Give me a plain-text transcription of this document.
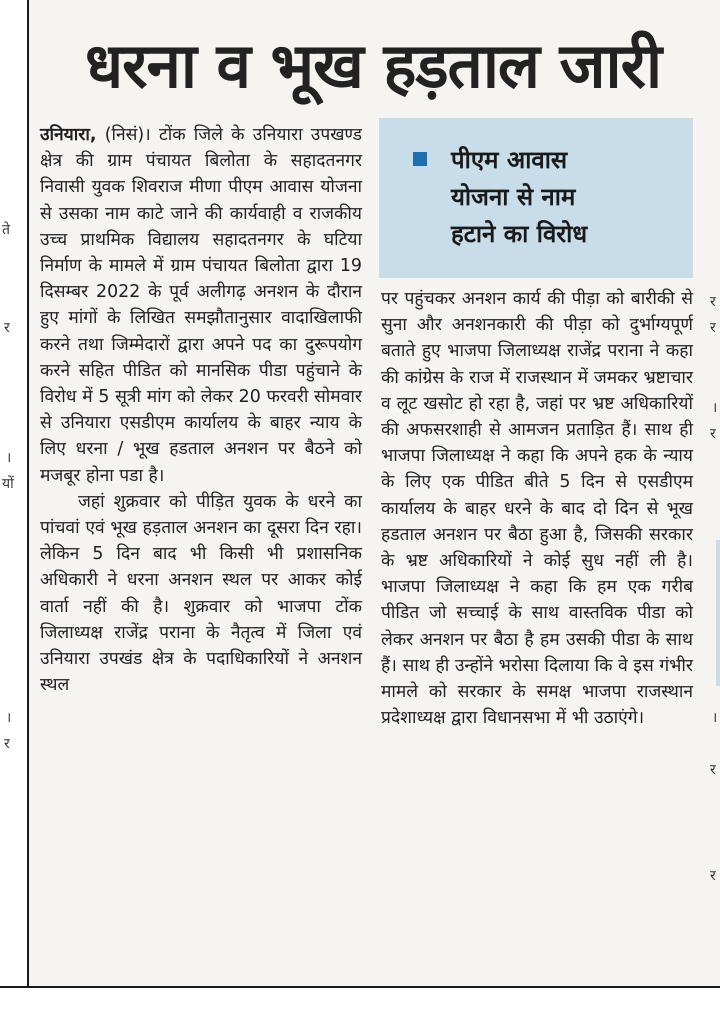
धरना व भूख हड़ताल जारी

उनियारा, (निसं)। टोंक जिले के उनियारा उपखण्ड क्षेत्र की ग्राम पंचायत बिलोता के सहादतनगर निवासी युवक शिवराज मीणा पीएम आवास योजना से उसका नाम काटे जाने की कार्यवाही व राजकीय उच्च प्राथमिक विद्यालय सहादतनगर के घटिया निर्माण के मामले में ग्राम पंचायत बिलोता द्वारा 19 दिसम्बर 2022 के पूर्व अलीगढ़ अनशन के दौरान हुए मांगों के लिखित समझौतानुसार वादाखिलाफी करने तथा जिम्मेदारों द्वारा अपने पद का दुरूपयोग करने सहित पीडित को मानसिक पीडा पहुंचाने के विरोध में 5 सूत्री मांग को लेकर 20 फरवरी सोमवार से उनियारा एसडीएम कार्यालय के बाहर न्याय के लिए धरना / भूख हडताल अनशन पर बैठने को मजबूर होना पडा है।

जहां शुक्रवार को पीड़ित युवक के धरने का पांचवां एवं भूख हड़ताल अनशन का दूसरा दिन रहा। लेकिन 5 दिन बाद भी किसी भी प्रशासनिक अधिकारी ने धरना अनशन स्थल पर आकर कोई वार्ता नहीं की है। शुक्रवार को भाजपा टोंक जिलाध्यक्ष राजेंद्र पराना के नैतृत्व में जिला एवं उनियारा उपखंड क्षेत्र के पदाधिकारियों ने अनशन स्थल

पीएम आवास
योजना से नाम
हटाने का विरोध

पर पहुंचकर अनशन कार्य की पीड़ा को बारीकी से सुना और अनशनकारी की पीड़ा को दुर्भाग्यपूर्ण बताते हुए भाजपा जिलाध्यक्ष राजेंद्र पराना ने कहा की कांग्रेस के राज में राजस्थान में जमकर भ्रष्टाचार व लूट खसोट हो रहा है, जहां पर भ्रष्ट अधिकारियों की अफसरशाही से आमजन प्रताड़ित हैं। साथ ही भाजपा जिलाध्यक्ष ने कहा कि अपने हक के न्याय के लिए एक पीडित बीते 5 दिन से एसडीएम कार्यालय के बाहर धरने के बाद दो दिन से भूख हडताल अनशन पर बैठा हुआ है, जिसकी सरकार के भ्रष्ट अधिकारियों ने कोई सुध नहीं ली है। भाजपा जिलाध्यक्ष ने कहा कि हम एक गरीब पीडित जो सच्चाई के साथ वास्तविक पीडा को लेकर अनशन पर बैठा है हम उसकी पीडा के साथ हैं। साथ ही उन्होंने भरोसा दिलाया कि वे इस गंभीर मामले को सरकार के समक्ष भाजपा राजस्थान प्रदेशाध्यक्ष द्वारा विधानसभा में भी उठाएंगे।

ते
र
।
यों
।
र
र
र
।
र
।
र
र
